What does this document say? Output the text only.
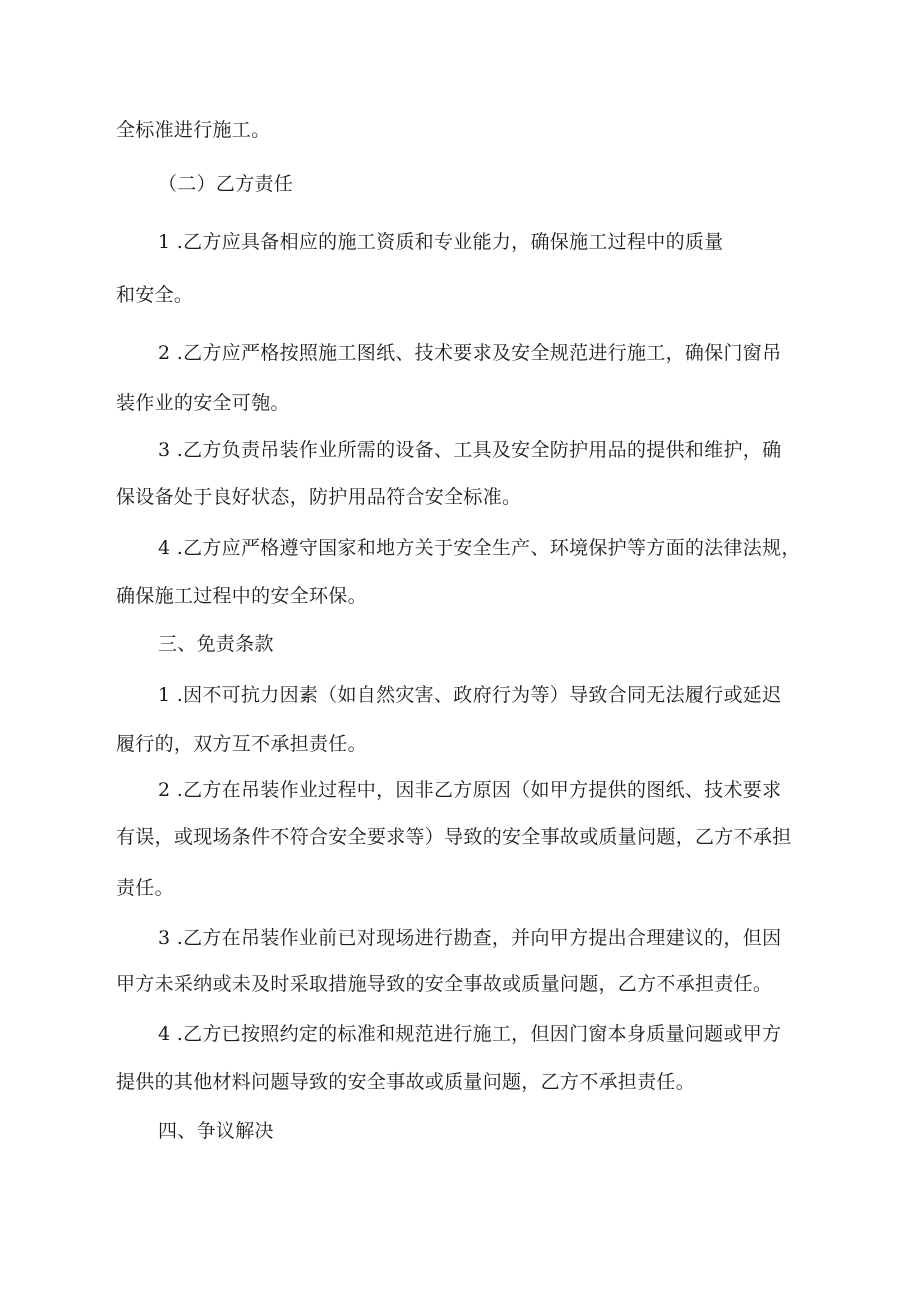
全标准进行施工。
（二）乙方责任
1 .乙方应具备相应的施工资质和专业能力，确保施工过程中的质量
和安全。
2 .乙方应严格按照施工图纸、技术要求及安全规范进行施工，确保门窗吊
装作业的安全可匏。
3 .乙方负责吊装作业所需的设备、工具及安全防护用品的提供和维护，确
保设备处于良好状态，防护用品符合安全标准。
4 .乙方应严格遵守国家和地方关于安全生产、环境保护等方面的法律法规，
确保施工过程中的安全环保。
三、免责条款
1 .因不可抗力因素（如自然灾害、政府行为等）导致合同无法履行或延迟
履行的，双方互不承担责任。
2 .乙方在吊装作业过程中，因非乙方原因（如甲方提供的图纸、技术要求
有误，或现场条件不符合安全要求等）导致的安全事故或质量问题，乙方不承担
责任。
3 .乙方在吊装作业前已对现场进行勘查，并向甲方提出合理建议的，但因
甲方未采纳或未及时采取措施导致的安全事故或质量问题，乙方不承担责任。
4 .乙方已按照约定的标准和规范进行施工，但因门窗本身质量问题或甲方
提供的其他材料问题导致的安全事故或质量问题，乙方不承担责任。
四、争议解决
